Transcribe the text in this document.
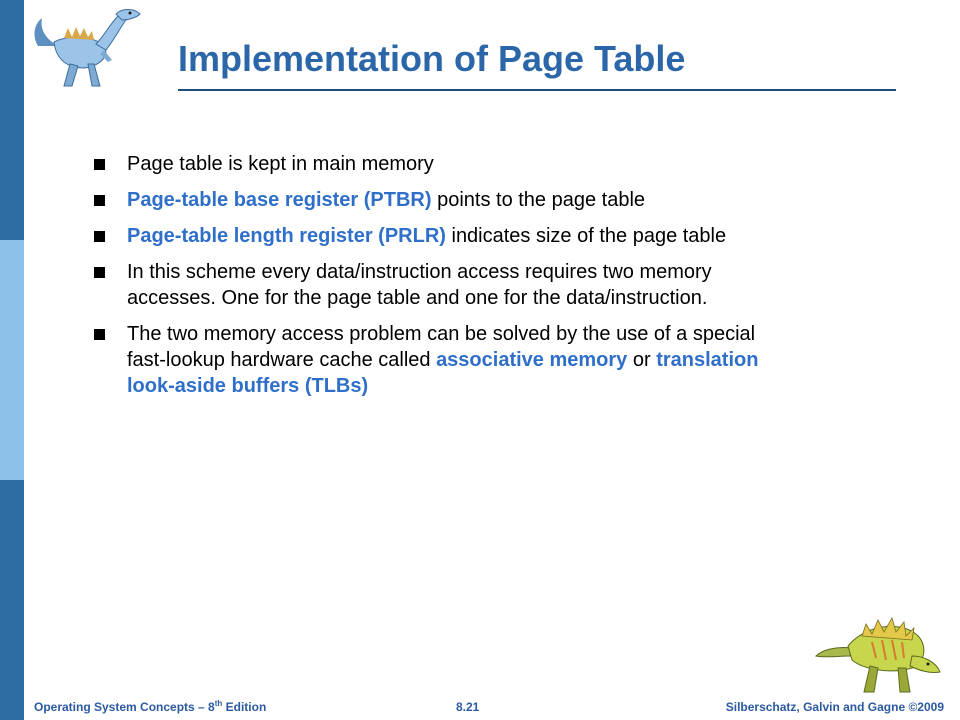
Implementation of Page Table
Page table is kept in main memory
Page-table base register (PTBR) points to the page table
Page-table length register (PRLR) indicates size of the page table
In this scheme every data/instruction access requires two memory accesses. One for the page table and one for the data/instruction.
The two memory access problem can be solved by the use of a special fast-lookup hardware cache called associative memory or translation look-aside buffers (TLBs)
Operating System Concepts – 8th Edition	8.21	Silberschatz, Galvin and Gagne ©2009
